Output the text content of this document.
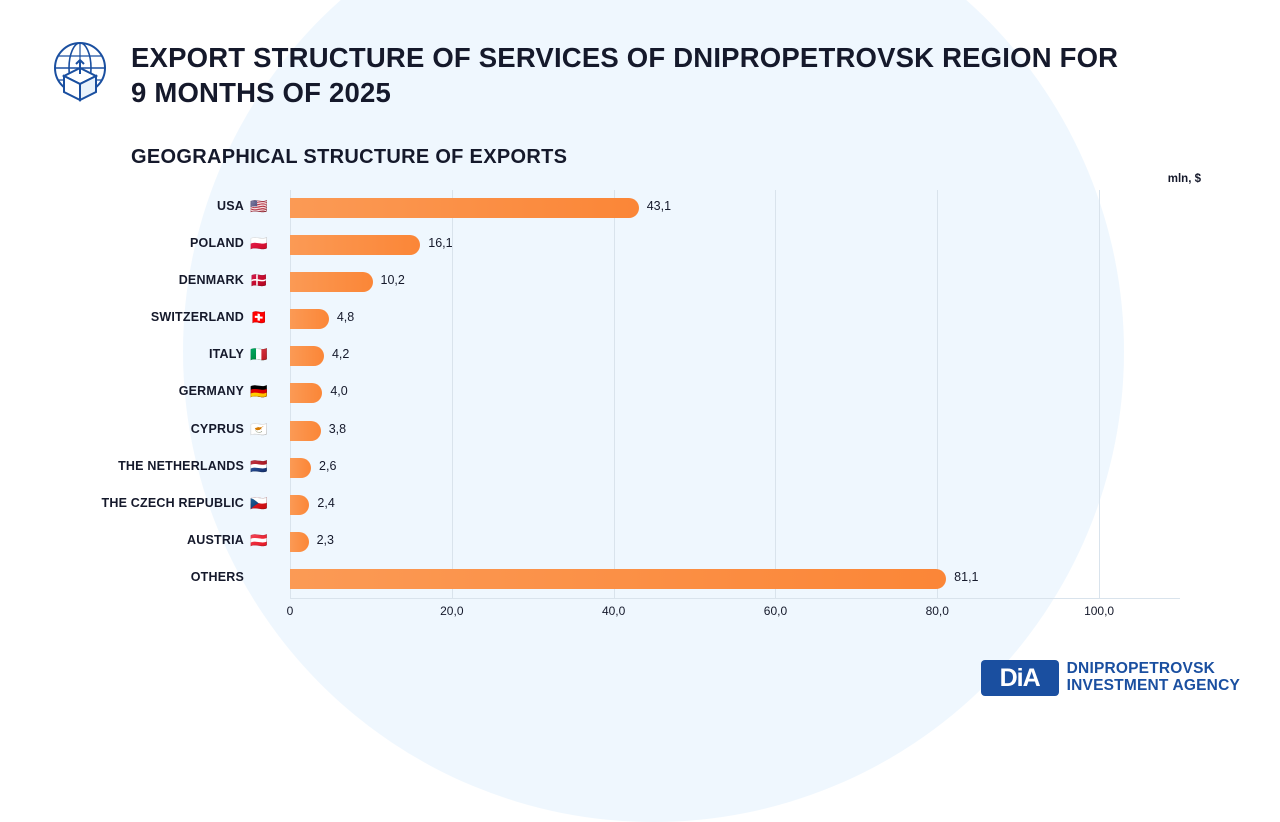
EXPORT STRUCTURE OF SERVICES OF DNIPROPETROVSK REGION FOR 9 MONTHS OF 2025
GEOGRAPHICAL STRUCTURE OF EXPORTS
mln, $
43,1
16,1
10,2
4,8
4,2
4,0
3,8
2,6
2,4
2,3
81,1
USA 🇺🇸
POLAND 🇵🇱
DENMARK 🇩🇰
SWITZERLAND 🇨🇭
ITALY 🇮🇹
GERMANY 🇩🇪
CYPRUS 🇨🇾
THE NETHERLANDS 🇳🇱
THE CZECH REPUBLIC 🇨🇿
AUSTRIA 🇦🇹
OTHERS
0	20,0	40,0	60,0	80,0	100,0
DiA	DNIPROPETROVSK
INVESTMENT AGENCY
